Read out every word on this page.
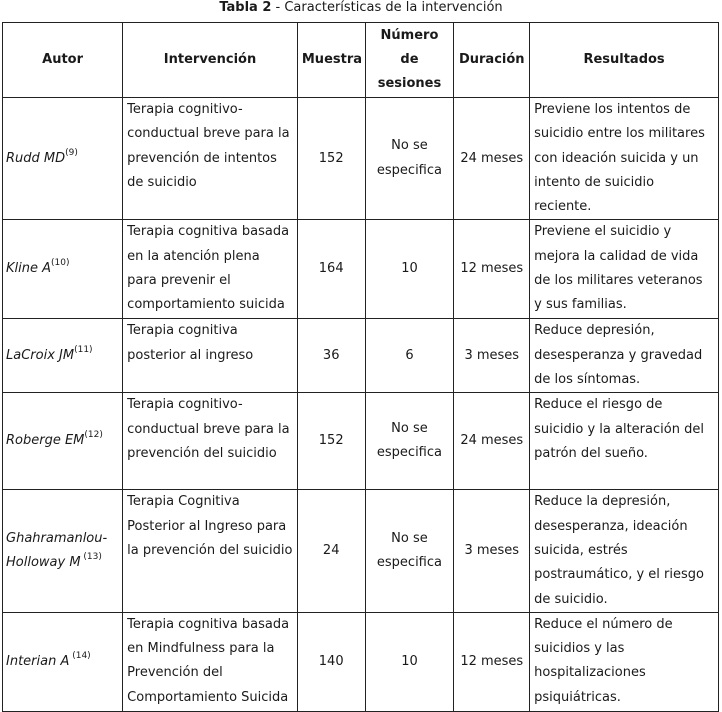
Tabla 2 - Características de la intervención
Autor	Intervención	Muestra	Número de sesiones	Duración	Resultados
Rudd MD$^{(9)}$	Terapia cognitivo-conductual breve para la prevención de intentos de suicidio	152	No se especifica	24 meses	Previene los intentos de suicidio entre los militares con ideación suicida y un intento de suicidio reciente.
Kline $A^{(10)}$	Terapia cognitiva basada en la atención plena para prevenir el comportamiento suicida	164	10	12 meses	Previene el suicidio y mejora la calidad de vida de los militares veteranos y sus familias.
LaCroix JM$^{(11)}$	Terapia cognitiva posterior al ingreso	36	6	3 meses	Reduce depresión, desesperanza y gravedad de los síntomas.
Roberge EM$^{(12)}$	Terapia cognitivo-conductual breve para la prevención del suicidio	152	No se especifica	24 meses	Reduce el riesgo de suicidio y la alteración del patrón del sueño.
Ghahramanlou-Holloway M $^{(13)}$	Terapia Cognitiva Posterior al Ingreso para la prevención del suicidio	24	No se especifica	3 meses	Reduce la depresión, desesperanza, ideación suicida, estrés postraumático, y el riesgo de suicidio.
Interian A $^{(14)}$	Terapia cognitiva basada en Mindfulness para la Prevención del Comportamiento Suicida	140	10	12 meses	Reduce el número de suicidios y las hospitalizaciones psiquiátricas.
